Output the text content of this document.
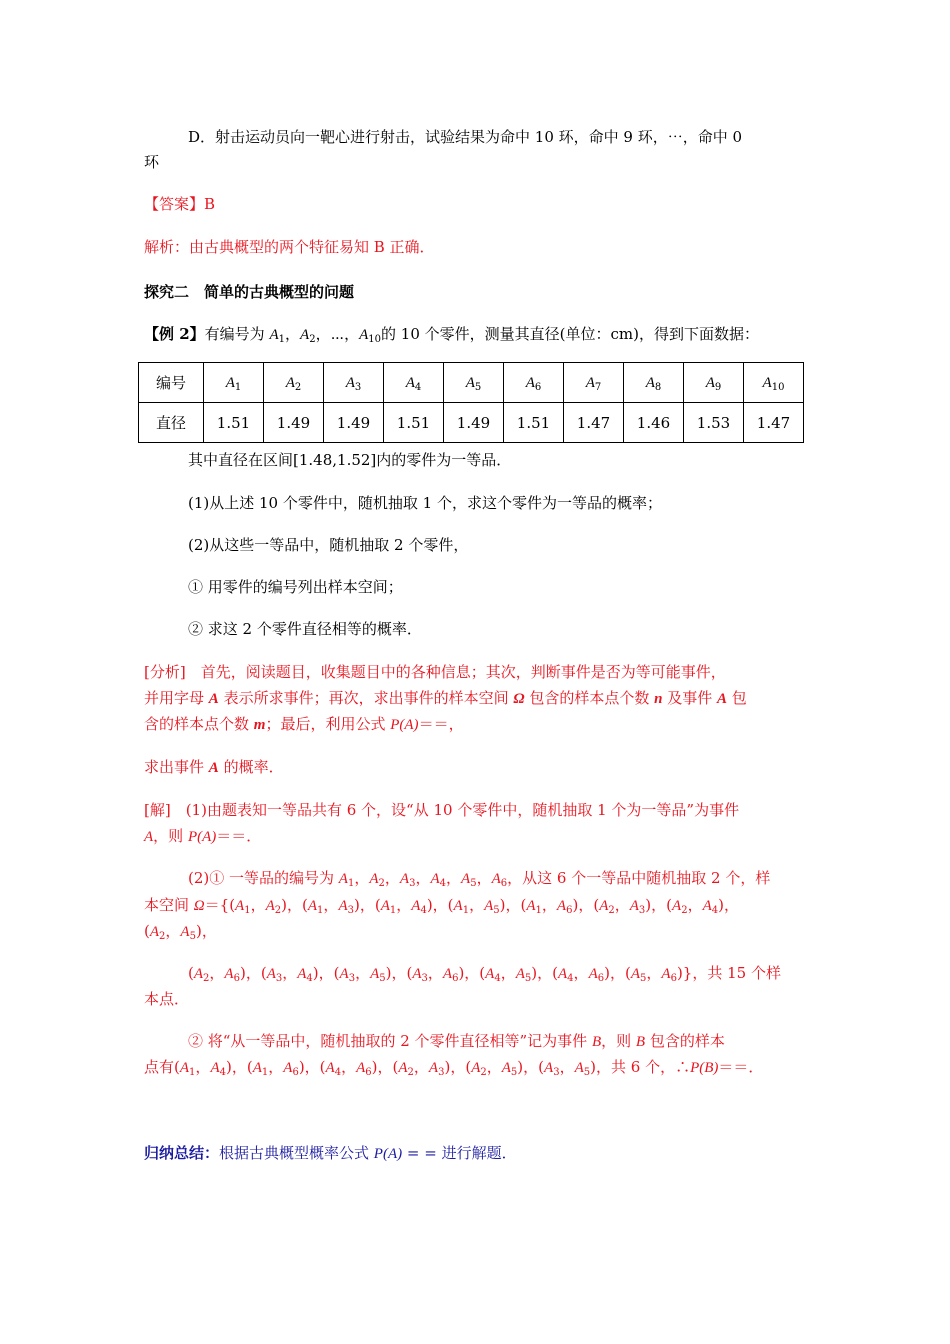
D．射击运动员向一靶心进行射击，试验结果为命中 10 环，命中 9 环，⋯，命中 0
环
【答案】B
解析：由古典概型的两个特征易知 B 正确．
探究二　简单的古典概型的问题
【例 2】有编号为 $A_1$，$A_2$，⋯，$A_{10}$的 10 个零件，测量其直径(单位：cm)，得到下面数据：
编号	$A_1$	$A_2$	$A_3$	$A_4$	$A_5$	$A_6$	$A_7$	$A_8$	$A_9$	$A_{10}$
直径	1.51	1.49	1.49	1.51	1.49	1.51	1.47	1.46	1.53	1.47
其中直径在区间[1.48,1.52]内的零件为一等品．
(1)从上述 10 个零件中，随机抽取 1 个，求这个零件为一等品的概率；
(2)从这些一等品中，随机抽取 2 个零件，
① 用零件的编号列出样本空间；
② 求这 2 个零件直径相等的概率．
[分析]　首先，阅读题目，收集题目中的各种信息；其次，判断事件是否为等可能事件，
并用字母 A 表示所求事件；再次，求出事件的样本空间 Ω 包含的样本点个数 n 及事件 A 包
含的样本点个数 m；最后，利用公式 P(A)＝＝，
求出事件 A 的概率．
[解]　(1)由题表知一等品共有 6 个，设“从 10 个零件中，随机抽取 1 个为一等品”为事件
A，则 P(A)＝＝．
(2)① 一等品的编号为 $A_1$，$A_2$，$A_3$，$A_4$，$A_5$，$A_6$，从这 6 个一等品中随机抽取 2 个，样
本空间 $\Omega=\{(A_1$，$A_2$)，($A_1$，$A_3$)，($A_1$，$A_4$)，($A_1$，$A_5$)，($A_1$，$A_6$)，($A_2$，$A_3$)，($A_2$，$A_4$)，
($A_2$，$A_5$)，
($A_2$，$A_6$)，($A_3$，$A_4$)，($A_3$，$A_5$)，($A_3$，$A_6$)，($A_4$，$A_5$)，($A_4$，$A_6$)，($A_5$，$A_6$)}，共 15 个样
本点．
② 将“从一等品中，随机抽取的 2 个零件直径相等”记为事件 B，则 B 包含的样本
点有($A_1$，$A_4$)，($A_1$，$A_6$)，($A_4$，$A_6$)，($A_2$，$A_3$)，($A_2$，$A_5$)，($A_3$，$A_5$)，共 6 个，∴P(B)＝＝．
归纳总结：根据古典概型概率公式 P(A) = = 进行解题．
